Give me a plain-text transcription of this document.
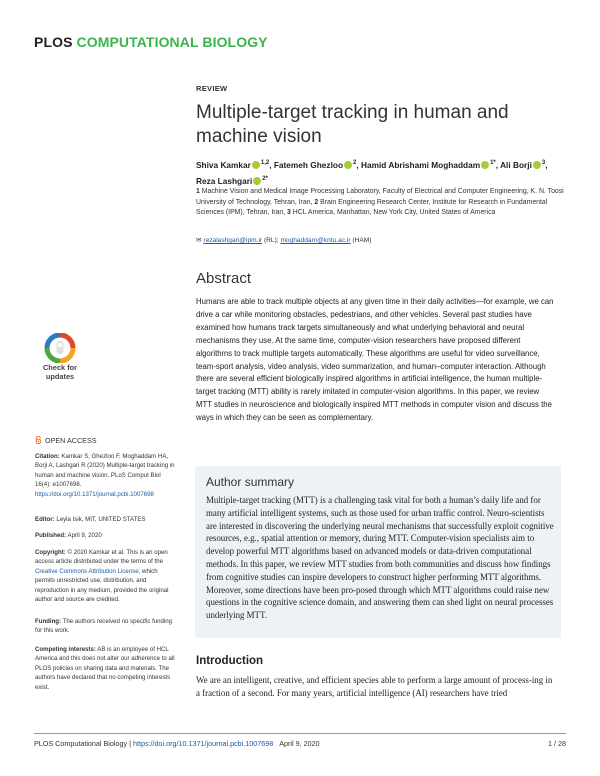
PLOS COMPUTATIONAL BIOLOGY
REVIEW
Multiple-target tracking in human and machine vision
Shiva Kamkar $^{1,2}$, Fatemeh Ghezloo $^2$, Hamid Abrishami Moghaddam $^{1*}$, Ali Borji $^3$, Reza Lashgari $^{2*}$
1 Machine Vision and Medical Image Processing Laboratory, Faculty of Electrical and Computer Engineering, K. N. Toosi University of Technology, Tehran, Iran, 2 Brain Engineering Research Center, Institute for Research in Fundamental Sciences (IPM), Tehran, Iran, 3 HCL America, Manhattan, New York City, United States of America
✉ rezalashgari@ipm.ir (RL); moghaddam@kntu.ac.ir (HAM)
Abstract
Humans are able to track multiple objects at any given time in their daily activities—for example, we can drive a car while monitoring obstacles, pedestrians, and other vehicles. Several past studies have examined how humans track targets simultaneously and what underlying behavioral and neural mechanisms they use. At the same time, computer-vision researchers have proposed different algorithms to track multiple targets automatically. These algorithms are useful for video surveillance, team-sport analysis, video analysis, video summarization, and human–computer interaction. Although there are several efficient biologically inspired algorithms in artificial intelligence, the human multiple-target tracking (MTT) ability is rarely imitated in computer-vision algorithms. In this paper, we review MTT studies in neuroscience and biologically inspired MTT methods in computer vision and discuss the ways in which they can be seen as complementary.
Check for
updates
OPEN ACCESS
Citation: Kamkar S, Ghezloo F, Moghaddam HA, Borji A, Lashgari R (2020) Multiple-target tracking in human and machine vision. PLoS Comput Biol 16(4): e1007698. https://doi.org/10.1371/journal.pcbi.1007698
Editor: Leyla Isik, MIT, UNITED STATES
Published: April 9, 2020
Copyright: © 2020 Kamkar et al. This is an open access article distributed under the terms of the Creative Commons Attribution License, which permits unrestricted use, distribution, and reproduction in any medium, provided the original author and source are credited.
Funding: The authors received no specific funding for this work.
Competing interests: AB is an employee of HCL America and this does not alter our adherence to all PLOS policies on sharing data and materials. The authors have declared that no competing interests exist.
Author summary
Multiple-target tracking (MTT) is a challenging task vital for both a human’s daily life and for many artificial intelligent systems, such as those used for urban traffic control. Neuro-scientists are interested in discovering the underlying neural mechanisms that successfully exploit cognitive resources, e.g., spatial attention or memory, during MTT. Computer-vision specialists aim to develop powerful MTT algorithms based on advanced models or data-driven computational methods. In this paper, we review MTT studies from both communities and discuss how findings from cognitive studies can inspire developers to construct higher performing MTT algorithms. Moreover, some directions have been pro-posed through which MTT algorithms could raise new questions in the cognitive science domain, and answering them can shed light on neural processes underlying MTT.
Introduction
We are an intelligent, creative, and efficient species able to perform a large amount of process-ing in a fraction of a second. For many years, artificial intelligence (AI) researchers have tried
PLOS Computational Biology | https://doi.org/10.1371/journal.pcbi.1007698 April 9, 2020	1 / 28
